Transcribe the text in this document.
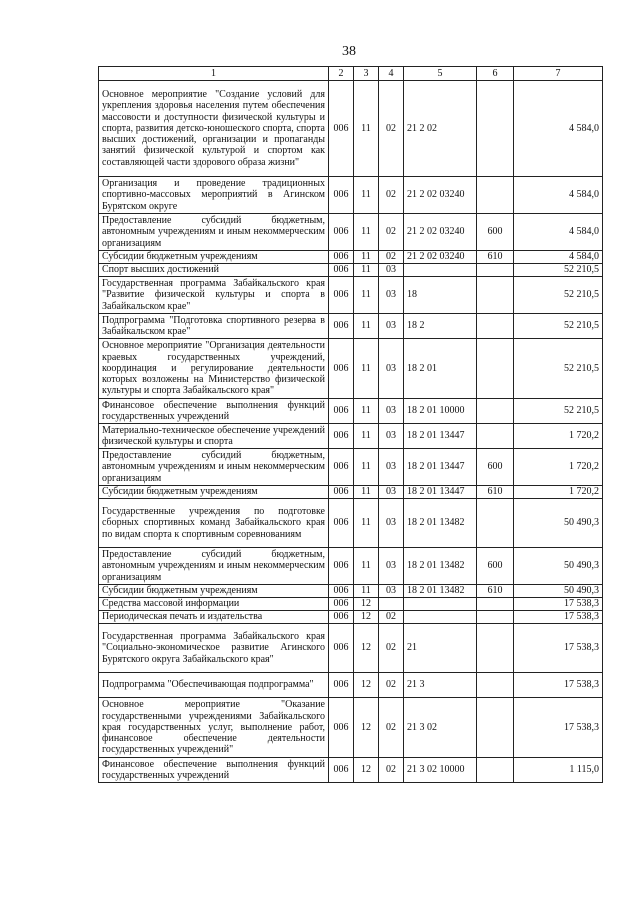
38
1	2	3	4	5	6	7
Основное мероприятие "Создание условий для укрепления здоровья населения путем обеспечения массовости и доступности физической культуры и спорта, развития детско-юношеского спорта, спорта высших достижений, организации и пропаганды занятий физической культурой и спортом как составляющей части здорового образа жизни"	006	11	02	21 2 02		4 584,0
Организация и проведение традиционных спортивно-массовых мероприятий в Агинском Бурятском округе	006	11	02	21 2 02 03240		4 584,0
Предоставление субсидий бюджетным, автономным учреждениям и иным некоммерческим организациям	006	11	02	21 2 02 03240	600	4 584,0
Субсидии бюджетным учреждениям	006	11	02	21 2 02 03240	610	4 584,0
Спорт высших достижений	006	11	03			52 210,5
Государственная программа Забайкальского края "Развитие физической культуры и спорта в Забайкальском крае"	006	11	03	18		52 210,5
Подпрограмма "Подготовка спортивного резерва в Забайкальском крае"	006	11	03	18 2		52 210,5
Основное мероприятие "Организация деятельности краевых государственных учреждений, координация и регулирование деятельности которых возложены на Министерство физической культуры и спорта Забайкальского края"	006	11	03	18 2 01		52 210,5
Финансовое обеспечение выполнения функций государственных учреждений	006	11	03	18 2 01 10000		52 210,5
Материально-техническое обеспечение учреждений физической культуры и спорта	006	11	03	18 2 01 13447		1 720,2
Предоставление субсидий бюджетным, автономным учреждениям и иным некоммерческим организациям	006	11	03	18 2 01 13447	600	1 720,2
Субсидии бюджетным учреждениям	006	11	03	18 2 01 13447	610	1 720,2
Государственные учреждения по подготовке сборных спортивных команд Забайкальского края по видам спорта к спортивным соревнованиям	006	11	03	18 2 01 13482		50 490,3
Предоставление субсидий бюджетным, автономным учреждениям и иным некоммерческим организациям	006	11	03	18 2 01 13482	600	50 490,3
Субсидии бюджетным учреждениям	006	11	03	18 2 01 13482	610	50 490,3
Средства массовой информации	006	12				17 538,3
Периодическая печать и издательства	006	12	02			17 538,3
Государственная программа Забайкальского края "Социально-экономическое развитие Агинского Бурятского округа Забайкальского края"	006	12	02	21		17 538,3
Подпрограмма "Обеспечивающая подпрограмма"	006	12	02	21 3		17 538,3
Основное мероприятие "Оказание государственными учреждениями Забайкальского края государственных услуг, выполнение работ, финансовое обеспечение деятельности государственных учреждений"	006	12	02	21 3 02		17 538,3
Финансовое обеспечение выполнения функций государственных учреждений	006	12	02	21 3 02 10000		1 115,0
